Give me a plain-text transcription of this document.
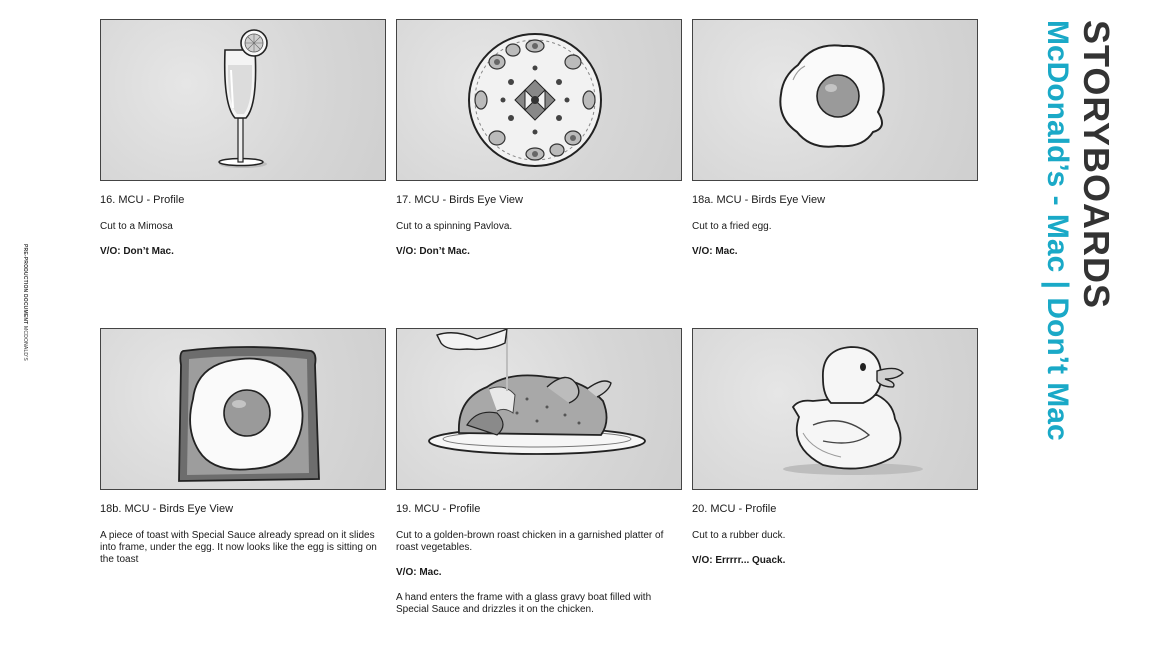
PRE-PRODUCTION DOCUMENT MCDONALD'S
16. MCU - Profile
Cut to a Mimosa
V/O: Don’t Mac.
17. MCU - Birds Eye View
Cut to a spinning Pavlova.
V/O: Don’t Mac.
18a. MCU - Birds Eye View
Cut to a fried egg.
V/O: Mac.
18b. MCU - Birds Eye View
A piece of toast with Special Sauce already spread on it slides into frame, under the egg. It now looks like the egg is sitting on the toast
19. MCU - Profile
Cut to a golden-brown roast chicken in a garnished platter of roast vegetables.
V/O: Mac.
A hand enters the frame with a glass gravy boat filled with Special Sauce and drizzles it on the chicken.
20. MCU - Profile
Cut to a rubber duck.
V/O: Errrrr... Quack.
STORYBOARDS
McDonald’s - Mac | Don’t Mac
